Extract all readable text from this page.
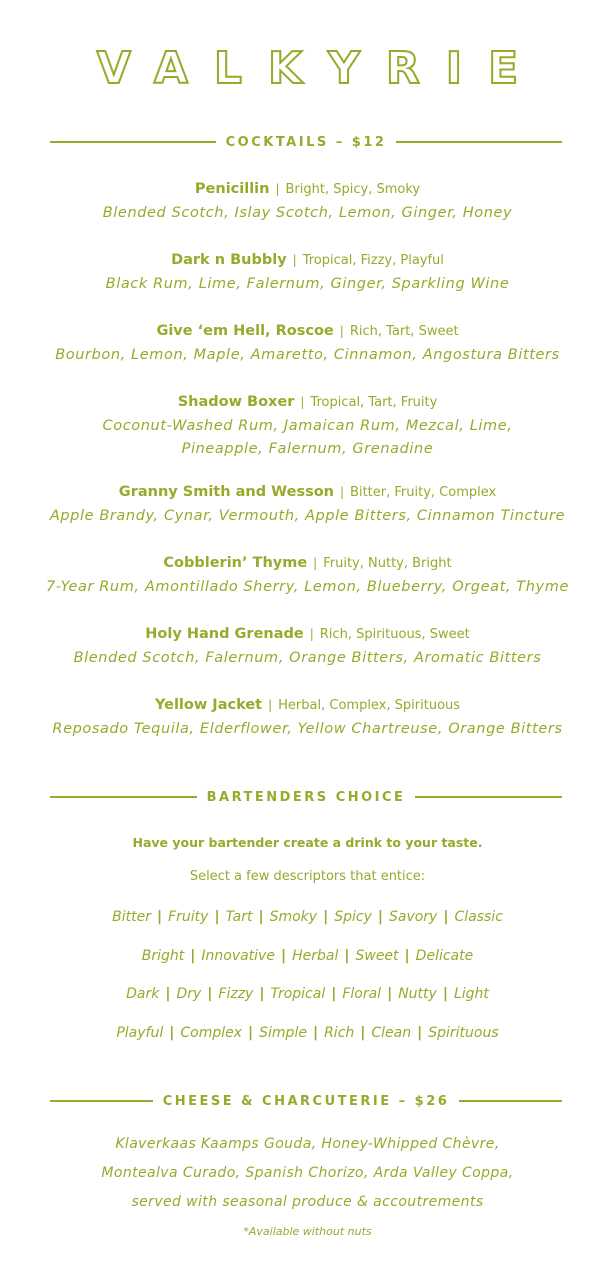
VALKYRIE
COCKTAILS – $12
Penicillin | Bright, Spicy, Smoky
Blended Scotch, Islay Scotch, Lemon, Ginger, Honey
Dark n Bubbly | Tropical, Fizzy, Playful
Black Rum, Lime, Falernum, Ginger, Sparkling Wine
Give ‘em Hell, Roscoe | Rich, Tart, Sweet
Bourbon, Lemon, Maple, Amaretto, Cinnamon, Angostura Bitters
Shadow Boxer | Tropical, Tart, Fruity
Coconut-Washed Rum, Jamaican Rum, Mezcal, Lime,
Pineapple, Falernum, Grenadine
Granny Smith and Wesson | Bitter, Fruity, Complex
Apple Brandy, Cynar, Vermouth, Apple Bitters, Cinnamon Tincture
Cobblerin’ Thyme | Fruity, Nutty, Bright
7-Year Rum, Amontillado Sherry, Lemon, Blueberry, Orgeat, Thyme
Holy Hand Grenade | Rich, Spirituous, Sweet
Blended Scotch, Falernum, Orange Bitters, Aromatic Bitters
Yellow Jacket | Herbal, Complex, Spirituous
Reposado Tequila, Elderflower, Yellow Chartreuse, Orange Bitters
BARTENDERS CHOICE
Have your bartender create a drink to your taste.
Select a few descriptors that entice:
Bitter | Fruity | Tart | Smoky | Spicy | Savory | Classic
Bright | Innovative | Herbal | Sweet | Delicate
Dark | Dry | Fizzy | Tropical | Floral | Nutty | Light
Playful | Complex | Simple | Rich | Clean | Spirituous
CHEESE & CHARCUTERIE – $26
Klaverkaas Kaamps Gouda, Honey-Whipped Chèvre,
Montealva Curado, Spanish Chorizo, Arda Valley Coppa,
served with seasonal produce & accoutrements
*Available without nuts
